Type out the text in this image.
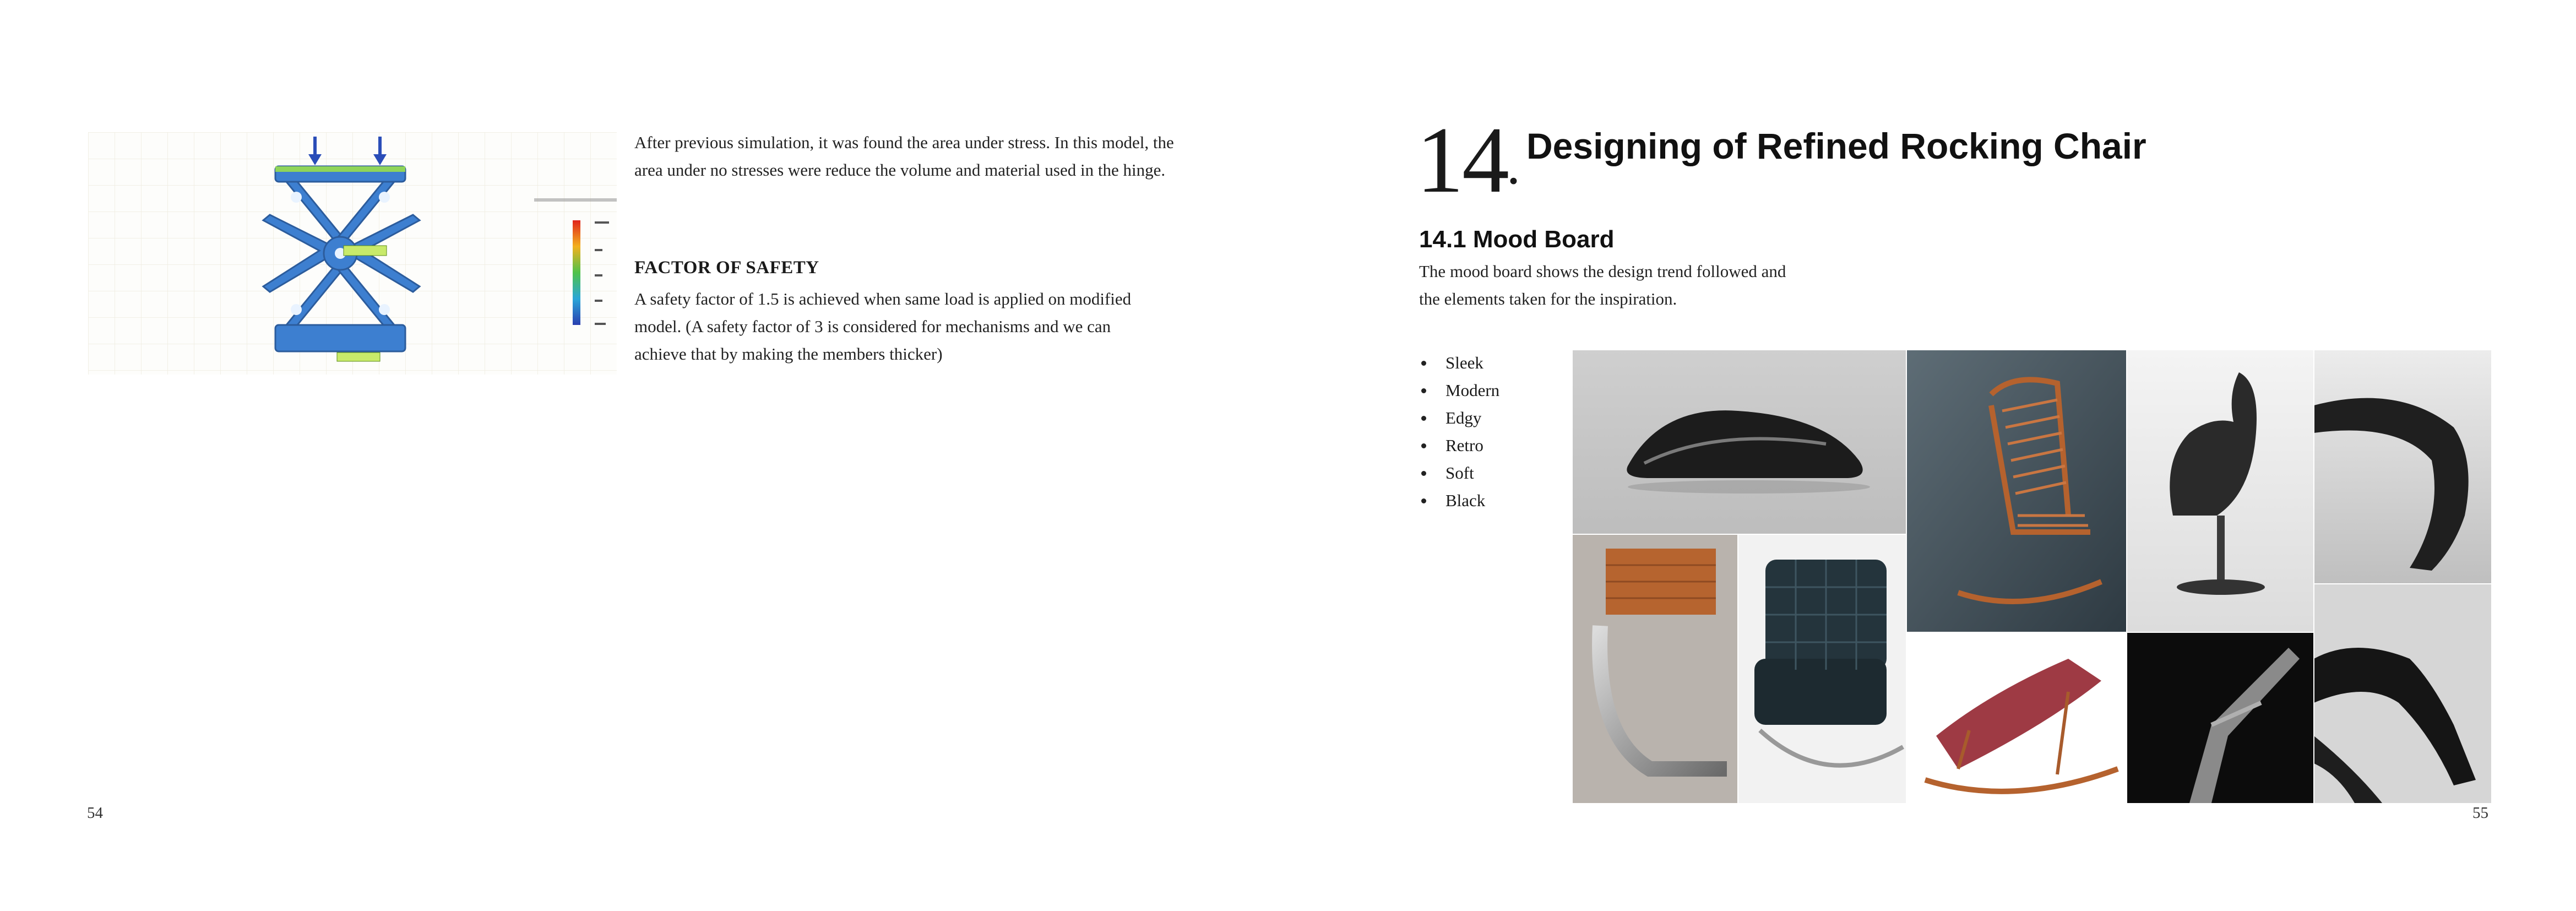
After previous simulation, it was found the area under stress. In this model, the area under no stresses were reduce the volume and material used in the hinge.
FACTOR OF SAFETY
A safety factor of 1.5 is achieved when same load is applied on modified model. (A safety factor of 3 is considered for mechanisms and we can achieve that by making the members thicker)
54
14
. Designing of Refined Rocking Chair
14.1 Mood Board
The mood board shows the design trend followed and the elements taken for the inspiration.
Sleek
Modern
Edgy
Retro
Soft
Black
55
